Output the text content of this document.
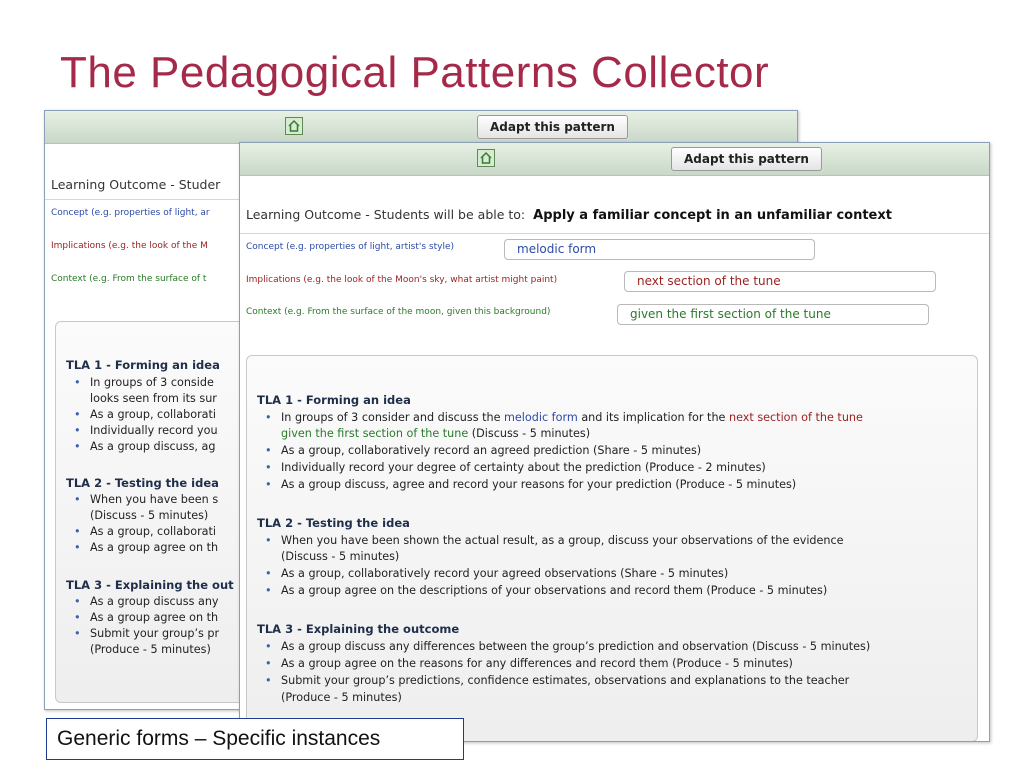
The Pedagogical Patterns Collector
Adapt this pattern
Learning Outcome - Studer
Concept (e.g. properties of light, ar
Implications (e.g. the look of the M
Context (e.g. From the surface of t
TLA 1 - Forming an idea
• In groups of 3 conside
looks seen from its sur
• As a group, collaborati
• Individually record you
• As a group discuss, ag
TLA 2 - Testing the idea
• When you have been s
(Discuss - 5 minutes)
• As a group, collaborati
• As a group agree on th
TLA 3 - Explaining the out
• As a group discuss any
• As a group agree on th
• Submit your group’s pr
(Produce - 5 minutes)
Adapt this pattern
Learning Outcome - Students will be able to: Apply a familiar concept in an unfamiliar context
Concept (e.g. properties of light, artist's style)	melodic form
Implications (e.g. the look of the Moon's sky, what artist might paint)	next section of the tune
Context (e.g. From the surface of the moon, given this background)	given the first section of the tune
TLA 1 - Forming an idea
• In groups of 3 consider and discuss the melodic form and its implication for the next section of the tune
given the first section of the tune (Discuss - 5 minutes)
• As a group, collaboratively record an agreed prediction (Share - 5 minutes)
• Individually record your degree of certainty about the prediction (Produce - 2 minutes)
• As a group discuss, agree and record your reasons for your prediction (Produce - 5 minutes)
TLA 2 - Testing the idea
• When you have been shown the actual result, as a group, discuss your observations of the evidence
(Discuss - 5 minutes)
• As a group, collaboratively record your agreed observations (Share - 5 minutes)
• As a group agree on the descriptions of your observations and record them (Produce - 5 minutes)
TLA 3 - Explaining the outcome
• As a group discuss any differences between the group’s prediction and observation (Discuss - 5 minutes)
• As a group agree on the reasons for any differences and record them (Produce - 5 minutes)
• Submit your group’s predictions, confidence estimates, observations and explanations to the teacher
(Produce - 5 minutes)
Generic forms – Specific instances
